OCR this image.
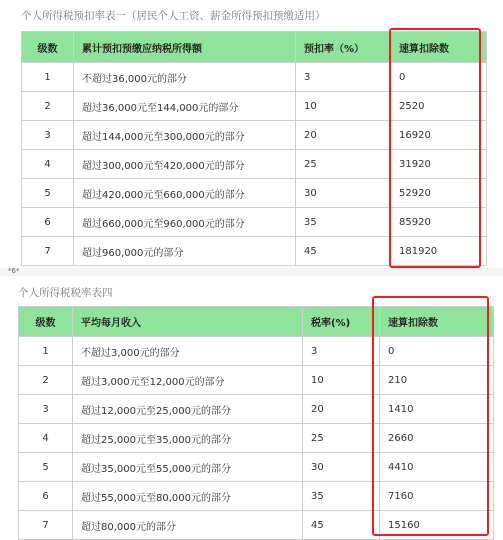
个人所得税预扣率表一（居民个人工资、薪金所得预扣预缴适用）
级数	累计预扣预缴应纳税所得额	预扣率（%）	速算扣除数
1	不超过36,000元的部分	3	0
2	超过36,000元至144,000元的部分	10	2520
3	超过144,000元至300,000元的部分	20	16920
4	超过300,000元至420,000元的部分	25	31920
5	超过420,000元至660,000元的部分	30	52920
6	超过660,000元至960,000元的部分	35	85920
7	超过960,000元的部分	45	181920
*6*
个人所得税税率表四
级数	平均每月收入	税率(%)	速算扣除数
1	不超过3,000元的部分	3	0
2	超过3,000元至12,000元的部分	10	210
3	超过12,000元至25,000元的部分	20	1410
4	超过25,000元至35,000元的部分	25	2660
5	超过35,000元至55,000元的部分	30	4410
6	超过55,000元至80,000元的部分	35	7160
7	超过80,000元的部分	45	15160
